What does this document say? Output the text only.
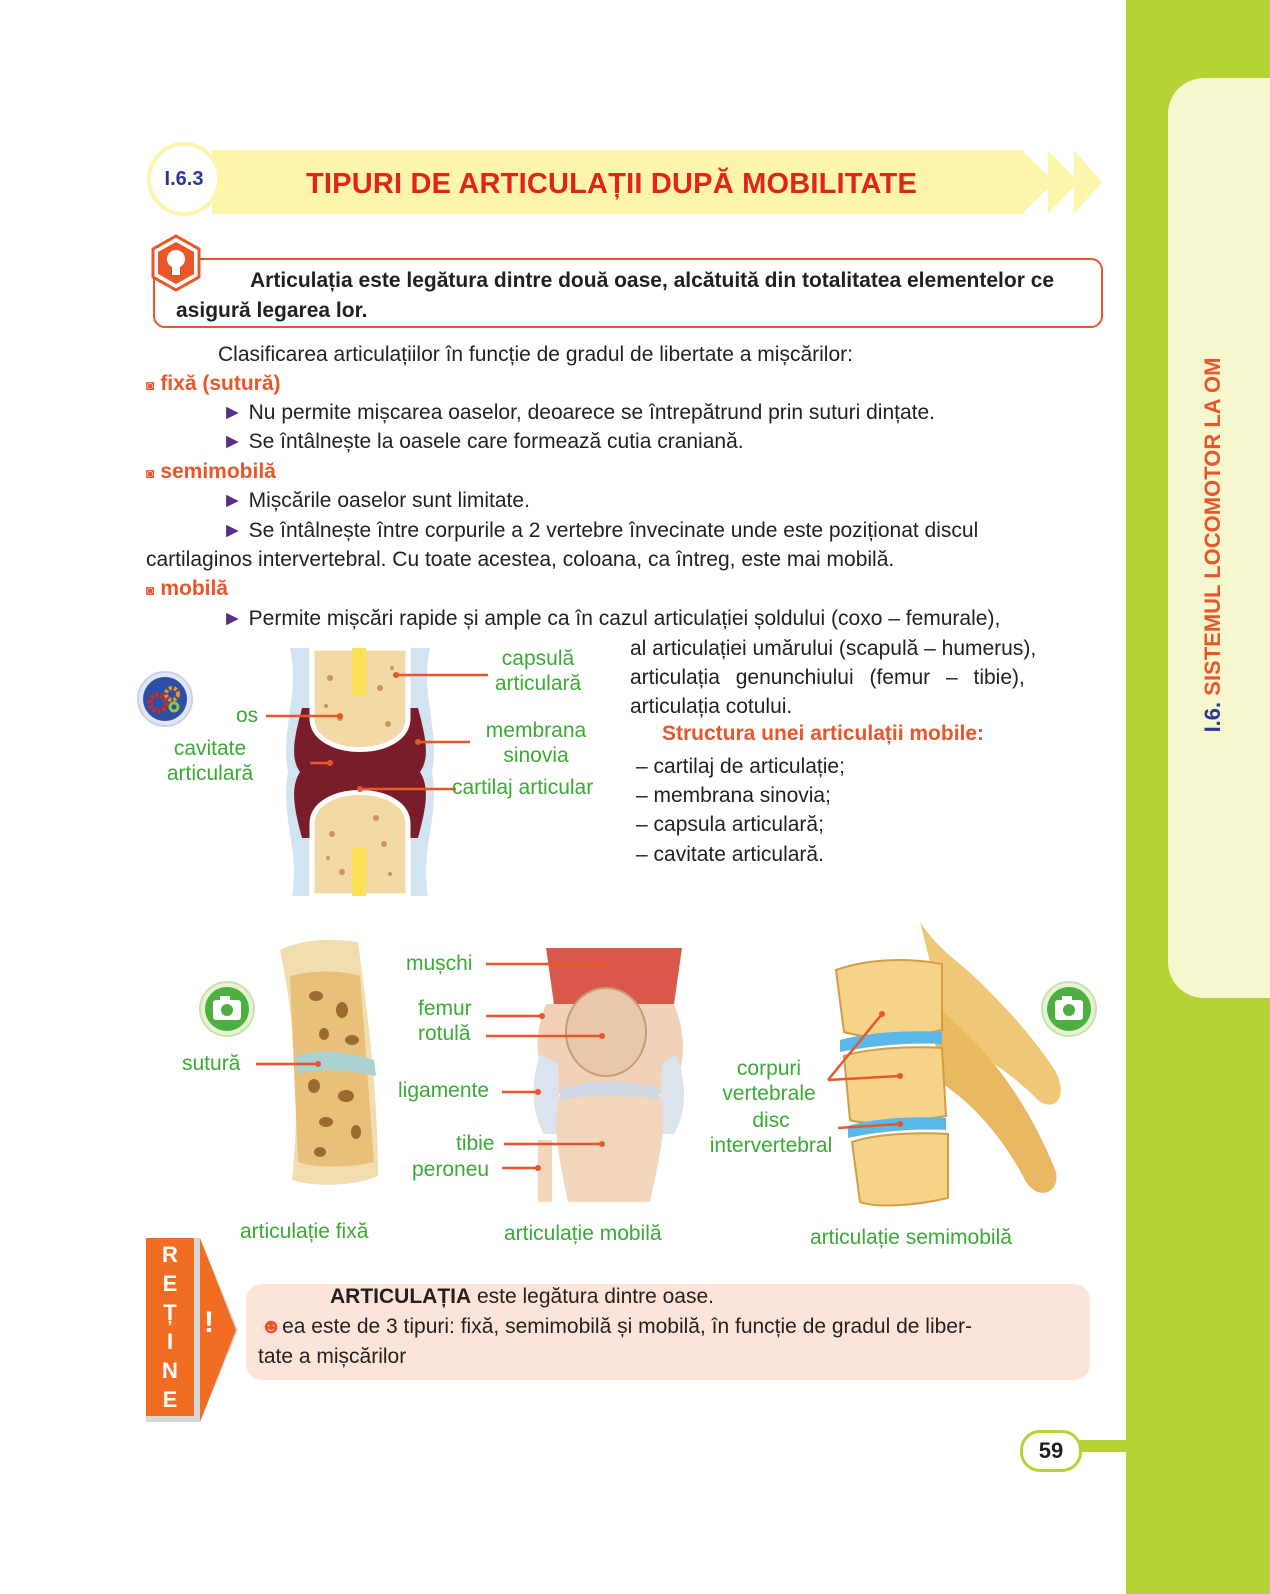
I.6. SISTEMUL LOCOMOTOR LA OM
I.6.3	TIPURI DE ARTICULAȚII DUPĂ MOBILITATE
Articulația este legătura dintre două oase, alcătuită din totalitatea elementelor ce asigură legarea lor.
Clasificarea articulațiilor în funcție de gradul de libertate a mișcărilor:
◙ fixă (sutură)
► Nu permite mișcarea oaselor, deoarece se întrepătrund prin suturi dințate.
► Se întâlnește la oasele care formează cutia craniană.
◙ semimobilă
► Mișcările oaselor sunt limitate.
► Se întâlnește între corpurile a 2 vertebre învecinate unde este poziționat discul
cartilaginos intervertebral. Cu toate acestea, coloana, ca întreg, este mai mobilă.
◙ mobilă
► Permite mișcări rapide și ample ca în cazul articulației șoldului (coxo – femurale),
al articulației umărului (scapulă – humerus),
articulația genunchiului (femur – tibie),
articulația cotului.
Structura unei articulații mobile:
– cartilaj de articulație;
– membrana sinovia;
– capsula articulară;
– cavitate articulară.
capsulă
articulară
os
cavitate
articulară
membrana
sinovia
cartilaj articular
sutură
mușchi
femur
rotulă
ligamente
tibie
peroneu
corpuri
vertebrale
disc
intervertebral
articulație fixă	articulație mobilă	articulație semimobilă
R
E
Ț
I
N
E
!
ARTICULAȚIA este legătura dintre oase.
☻ea este de 3 tipuri: fixă, semimobilă și mobilă, în funcție de gradul de liber-
tate a mișcărilor
59
